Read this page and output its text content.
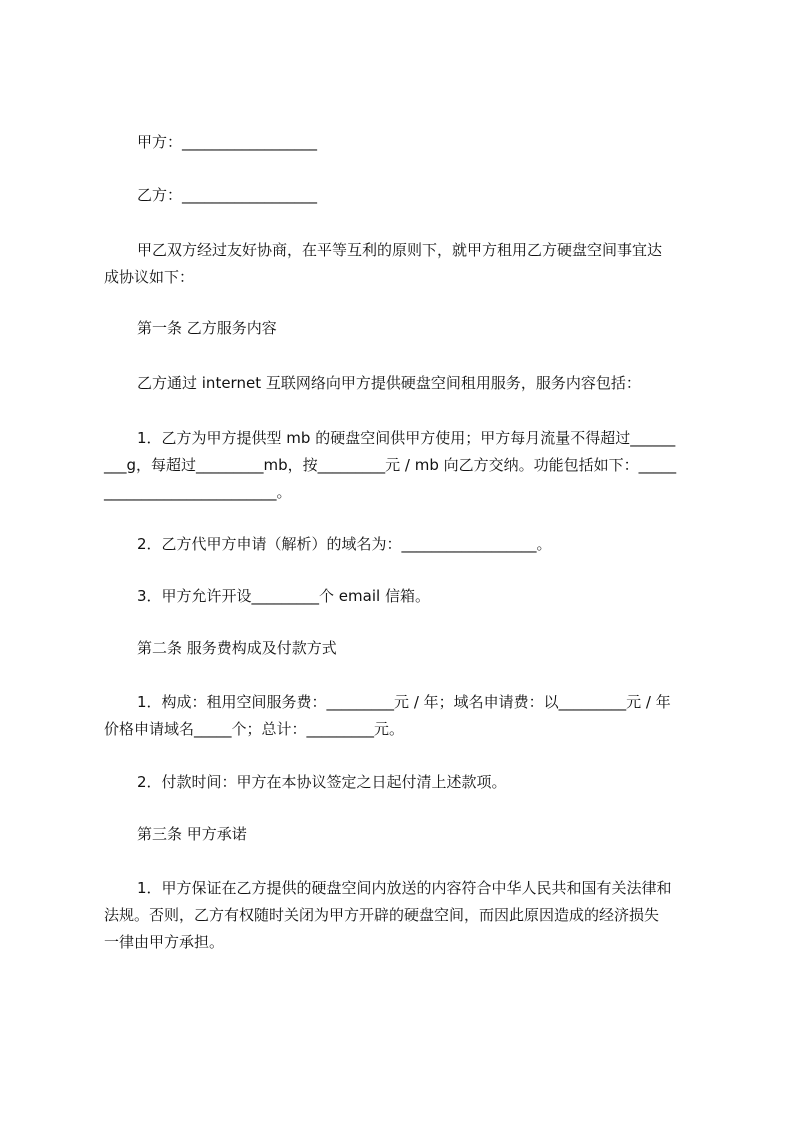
甲方：__________________
乙方：__________________
甲乙双方经过友好协商，在平等互利的原则下，就甲方租用乙方硬盘空间事宜达
成协议如下：
第一条 乙方服务内容
乙方通过 internet 互联网络向甲方提供硬盘空间租用服务，服务内容包括：
1．乙方为甲方提供型 mb 的硬盘空间供甲方使用；甲方每月流量不得超过______
___g，每超过_________mb，按_________元 / mb 向乙方交纳。功能包括如下：_____
_______________________。
2．乙方代甲方申请（解析）的域名为：__________________。
3．甲方允许开设_________个 email 信箱。
第二条 服务费构成及付款方式
1．构成：租用空间服务费：_________元 / 年；域名申请费：以_________元 / 年
价格申请域名_____个；总计：_________元。
2．付款时间：甲方在本协议签定之日起付清上述款项。
第三条 甲方承诺
1．甲方保证在乙方提供的硬盘空间内放送的内容符合中华人民共和国有关法律和
法规。否则，乙方有权随时关闭为甲方开辟的硬盘空间，而因此原因造成的经济损失
一律由甲方承担。
